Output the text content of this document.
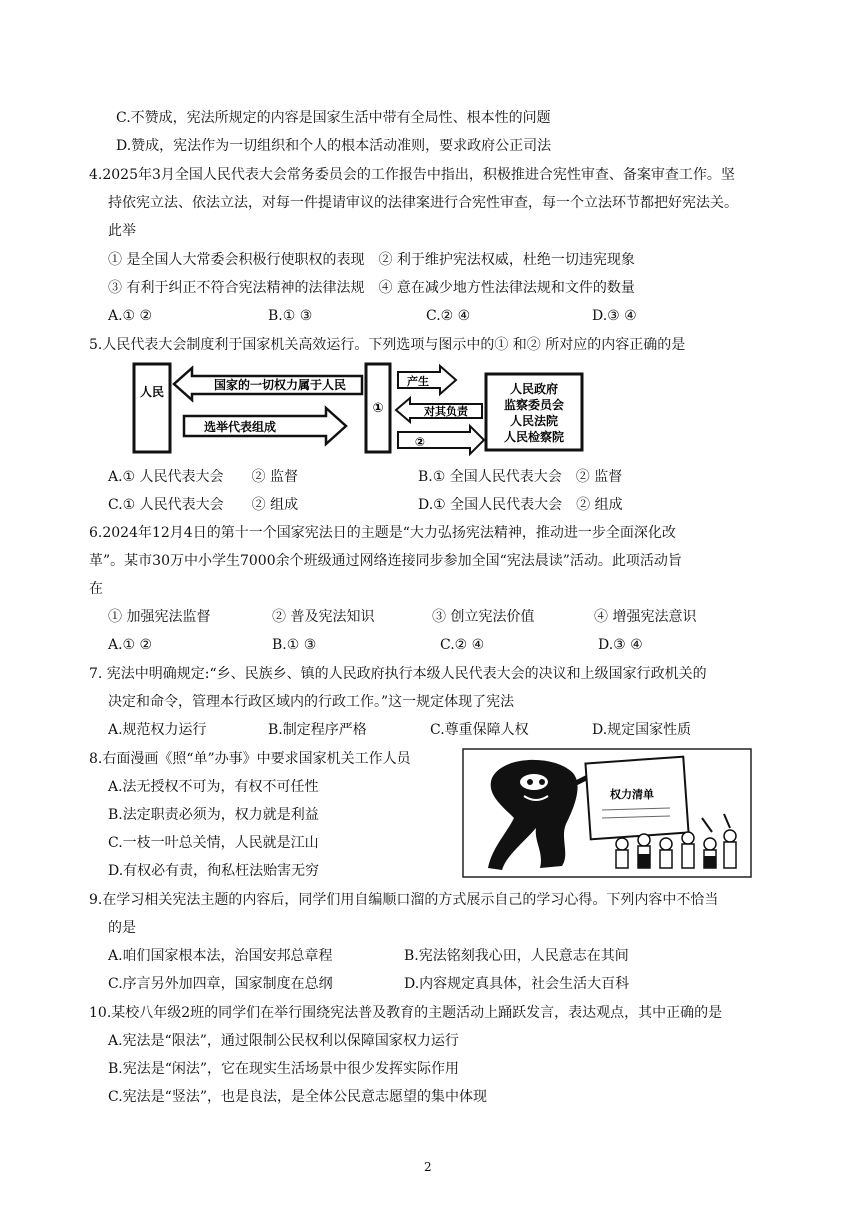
C.不赞成，宪法所规定的内容是国家生活中带有全局性、根本性的问题
D.赞成，宪法作为一切组织和个人的根本活动准则，要求政府公正司法
4.2025年3月全国人民代表大会常务委员会的工作报告中指出，积极推进合宪性审查、备案审查工作。坚
持依宪立法、依法立法，对每一件提请审议的法律案进行合宪性审查，每一个立法环节都把好宪法关。
此举
① 是全国人大常委会积极行使职权的表现　② 利于维护宪法权威，杜绝一切违宪现象
③ 有利于纠正不符合宪法精神的法律法规　④ 意在减少地方性法律法规和文件的数量
A.① ②	B.① ③	C.② ④	D.③ ④
5.人民代表大会制度利于国家机关高效运行。下列选项与图示中的① 和② 所对应的内容正确的是
人民	国家的一切权力属于人民
选举代表组成
①
产生
对其负责
②
人民政府
监察委员会
人民法院
人民检察院
A.① 人民代表大会　　② 监督	B.① 全国人民代表大会　② 监督
C.① 人民代表大会　　② 组成	D.① 全国人民代表大会　② 组成
6.2024年12月4日的第十一个国家宪法日的主题是“大力弘扬宪法精神，推动进一步全面深化改
革”。某市30万中小学生7000余个班级通过网络连接同步参加全国“宪法晨读”活动。此项活动旨
在
① 加强宪法监督	② 普及宪法知识	③ 创立宪法价值	④ 增强宪法意识
A.① ②	B.① ③	C.② ④	D.③ ④
7. 宪法中明确规定:“乡、民族乡、镇的人民政府执行本级人民代表大会的决议和上级国家行政机关的
决定和命令，管理本行政区域内的行政工作。”这一规定体现了宪法
A.规范权力运行	B.制定程序严格	C.尊重保障人权	D.规定国家性质
8.右面漫画《照“单”办事》中要求国家机关工作人员
A.法无授权不可为，有权不可任性
B.法定职责必须为，权力就是利益
C.一枝一叶总关情，人民就是江山
D.有权必有责，徇私枉法贻害无穷
权力清单
9.在学习相关宪法主题的内容后，同学们用自编顺口溜的方式展示自己的学习心得。下列内容中不恰当
的是
A.咱们国家根本法，治国安邦总章程	B.宪法铭刻我心田，人民意志在其间
C.序言另外加四章，国家制度在总纲	D.内容规定真具体，社会生活大百科
10.某校八年级2班的同学们在举行围绕宪法普及教育的主题活动上踊跃发言，表达观点，其中正确的是
A.宪法是“限法”，通过限制公民权利以保障国家权力运行
B.宪法是“闲法”，它在现实生活场景中很少发挥实际作用
C.宪法是“竖法”，也是良法，是全体公民意志愿望的集中体现
2
